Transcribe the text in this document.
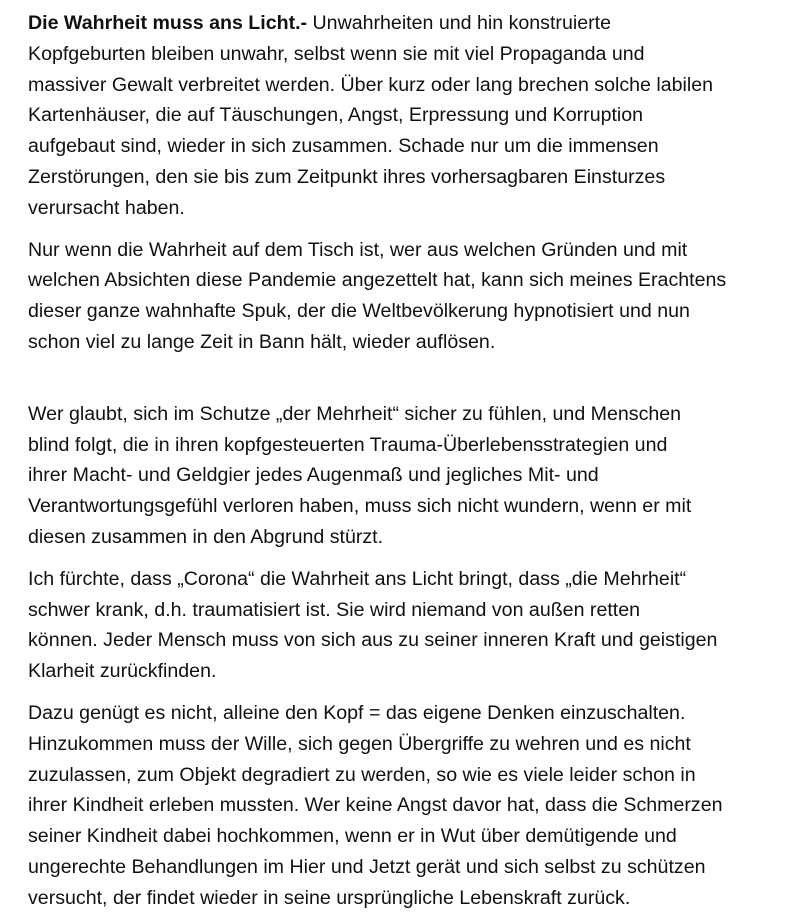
Die Wahrheit muss ans Licht.- Unwahrheiten und hin konstruierte
Kopfgeburten bleiben unwahr, selbst wenn sie mit viel Propaganda und
massiver Gewalt verbreitet werden. Über kurz oder lang brechen solche labilen
Kartenhäuser, die auf Täuschungen, Angst, Erpressung und Korruption
aufgebaut sind, wieder in sich zusammen. Schade nur um die immensen
Zerstörungen, den sie bis zum Zeitpunkt ihres vorhersagbaren Einsturzes
verursacht haben.

Nur wenn die Wahrheit auf dem Tisch ist, wer aus welchen Gründen und mit
welchen Absichten diese Pandemie angezettelt hat, kann sich meines Erachtens
dieser ganze wahnhafte Spuk, der die Weltbevölkerung hypnotisiert und nun
schon viel zu lange Zeit in Bann hält, wieder auflösen.

Wer glaubt, sich im Schutze „der Mehrheit“ sicher zu fühlen, und Menschen
blind folgt, die in ihren kopfgesteuerten Trauma-Überlebensstrategien und
ihrer Macht- und Geldgier jedes Augenmaß und jegliches Mit- und
Verantwortungsgefühl verloren haben, muss sich nicht wundern, wenn er mit
diesen zusammen in den Abgrund stürzt.

Ich fürchte, dass „Corona“ die Wahrheit ans Licht bringt, dass „die Mehrheit“
schwer krank, d.h. traumatisiert ist. Sie wird niemand von außen retten
können. Jeder Mensch muss von sich aus zu seiner inneren Kraft und geistigen
Klarheit zurückfinden.

Dazu genügt es nicht, alleine den Kopf = das eigene Denken einzuschalten.
Hinzukommen muss der Wille, sich gegen Übergriffe zu wehren und es nicht
zuzulassen, zum Objekt degradiert zu werden, so wie es viele leider schon in
ihrer Kindheit erleben mussten. Wer keine Angst davor hat, dass die Schmerzen
seiner Kindheit dabei hochkommen, wenn er in Wut über demütigende und
ungerechte Behandlungen im Hier und Jetzt gerät und sich selbst zu schützen
versucht, der findet wieder in seine ursprüngliche Lebenskraft zurück.
